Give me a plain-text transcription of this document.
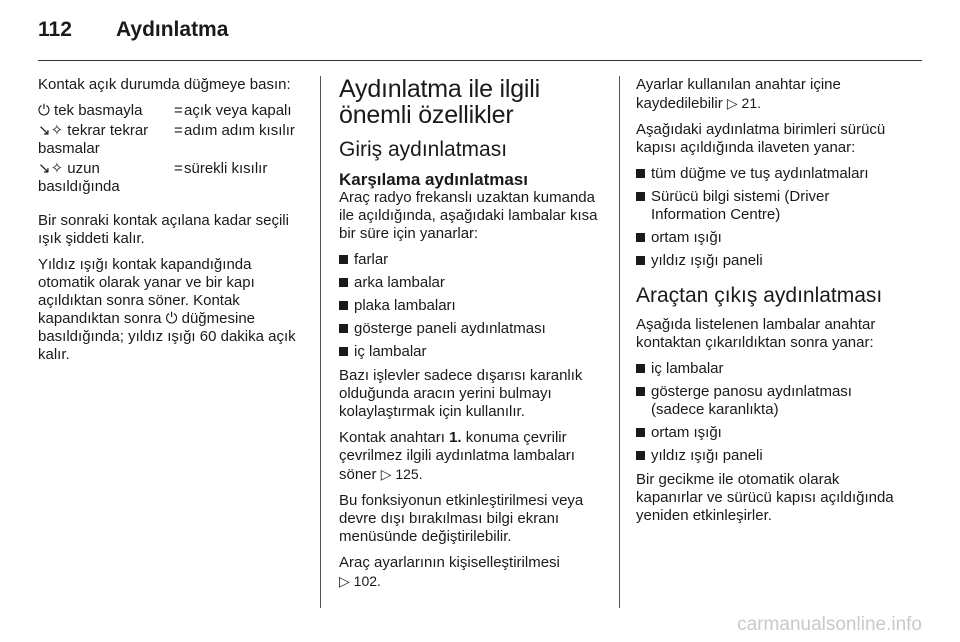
112 Aydınlatma

Kontak açık durumda düğmeye basın:

⏻ tek basmayla	=	açık veya kapalı
↘✧ tekrar tekrar basmalar	=	adım adım kısılır
↘✧ uzun basıldığında	=	sürekli kısılır

Bir sonraki kontak açılana kadar seçili ışık şiddeti kalır.

Yıldız ışığı kontak kapandığında otomatik olarak yanar ve bir kapı açıldıktan sonra söner. Kontak kapandıktan sonra ⏻ düğmesine basıldığında; yıldız ışığı 60 dakika açık kalır.

Aydınlatma ile ilgili önemli özellikler
Giriş aydınlatması
Karşılama aydınlatması

Araç radyo frekanslı uzaktan kumanda ile açıldığında, aşağıdaki lambalar kısa bir süre için yanarlar:

farlar
arka lambalar
plaka lambaları
gösterge paneli aydınlatması
iç lambalar

Bazı işlevler sadece dışarısı karanlık olduğunda aracın yerini bulmayı kolaylaştırmak için kullanılır.

Kontak anahtarı 1. konuma çevrilir çevrilmez ilgili aydınlatma lambaları söner ▷ 125.

Bu fonksiyonun etkinleştirilmesi veya devre dışı bırakılması bilgi ekranı menüsünde değiştirilebilir.

Araç ayarlarının kişiselleştirilmesi
▷ 102.

Ayarlar kullanılan anahtar içine kaydedilebilir ▷ 21.

Aşağıdaki aydınlatma birimleri sürücü kapısı açıldığında ilaveten yanar:

tüm düğme ve tuş aydınlatmaları
Sürücü bilgi sistemi (Driver Information Centre)
ortam ışığı
yıldız ışığı paneli
Araçtan çıkış aydınlatması

Aşağıda listelenen lambalar anahtar kontaktan çıkarıldıktan sonra yanar:

iç lambalar
gösterge panosu aydınlatması (sadece karanlıkta)
ortam ışığı
yıldız ışığı paneli

Bir gecikme ile otomatik olarak kapanırlar ve sürücü kapısı açıldığında yeniden etkinleşirler.

carmanualsonline.info
